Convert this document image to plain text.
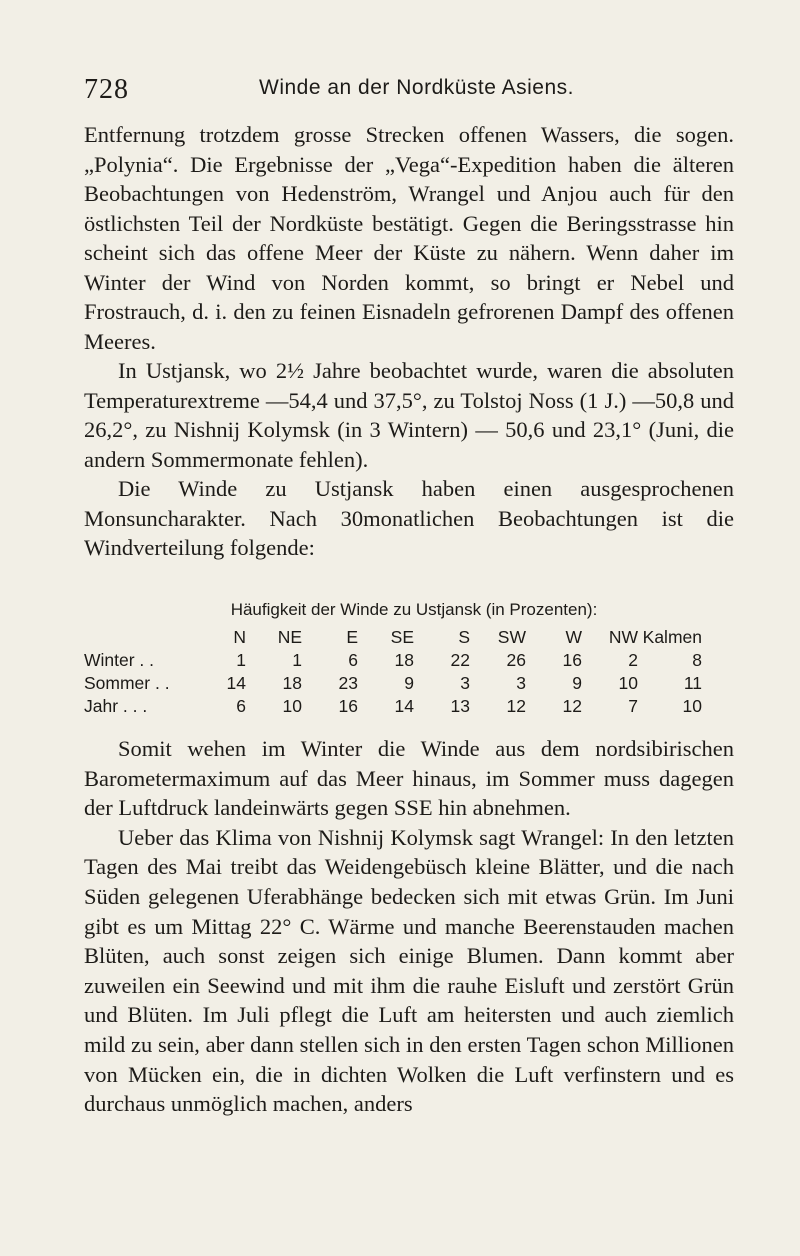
728	Winde an der Nordküste Asiens.

Entfernung trotzdem grosse Strecken offenen Wassers, die sogen. „Polynia“. Die Ergebnisse der „Vega“-Expedition haben die älteren Beobachtungen von Hedenström, Wrangel und Anjou auch für den östlichsten Teil der Nordküste bestätigt. Gegen die Beringsstrasse hin scheint sich das offene Meer der Küste zu nähern. Wenn daher im Winter der Wind von Norden kommt, so bringt er Nebel und Frostrauch, d. i. den zu feinen Eisnadeln gefrorenen Dampf des offenen Meeres.

In Ustjansk, wo 2½ Jahre beobachtet wurde, waren die absoluten Temperaturextreme —54,4 und 37,5°, zu Tolstoj Noss (1 J.) —50,8 und 26,2°, zu Nishnij Kolymsk (in 3 Wintern) — 50,6 und 23,1° (Juni, die andern Sommermonate fehlen).

Die Winde zu Ustjansk haben einen ausgesprochenen Monsuncharakter. Nach 30monatlichen Beobachtungen ist die Windverteilung folgende:

Häufigkeit der Winde zu Ustjansk (in Prozenten):
	N	NE	E	SE	S	SW	W	NW	Kalmen
Winter . .	1	1	6	18	22	26	16	2	8
Sommer . .	14	18	23	9	3	3	9	10	11
Jahr . . .	6	10	16	14	13	12	12	7	10

Somit wehen im Winter die Winde aus dem nordsibirischen Barometermaximum auf das Meer hinaus, im Sommer muss dagegen der Luftdruck landeinwärts gegen SSE hin abnehmen.

Ueber das Klima von Nishnij Kolymsk sagt Wrangel: In den letzten Tagen des Mai treibt das Weidengebüsch kleine Blätter, und die nach Süden gelegenen Uferabhänge bedecken sich mit etwas Grün. Im Juni gibt es um Mittag 22° C. Wärme und manche Beerenstauden machen Blüten, auch sonst zeigen sich einige Blumen. Dann kommt aber zuweilen ein Seewind und mit ihm die rauhe Eisluft und zerstört Grün und Blüten. Im Juli pflegt die Luft am heitersten und auch ziemlich mild zu sein, aber dann stellen sich in den ersten Tagen schon Millionen von Mücken ein, die in dichten Wolken die Luft verfinstern und es durchaus unmöglich machen, anders
